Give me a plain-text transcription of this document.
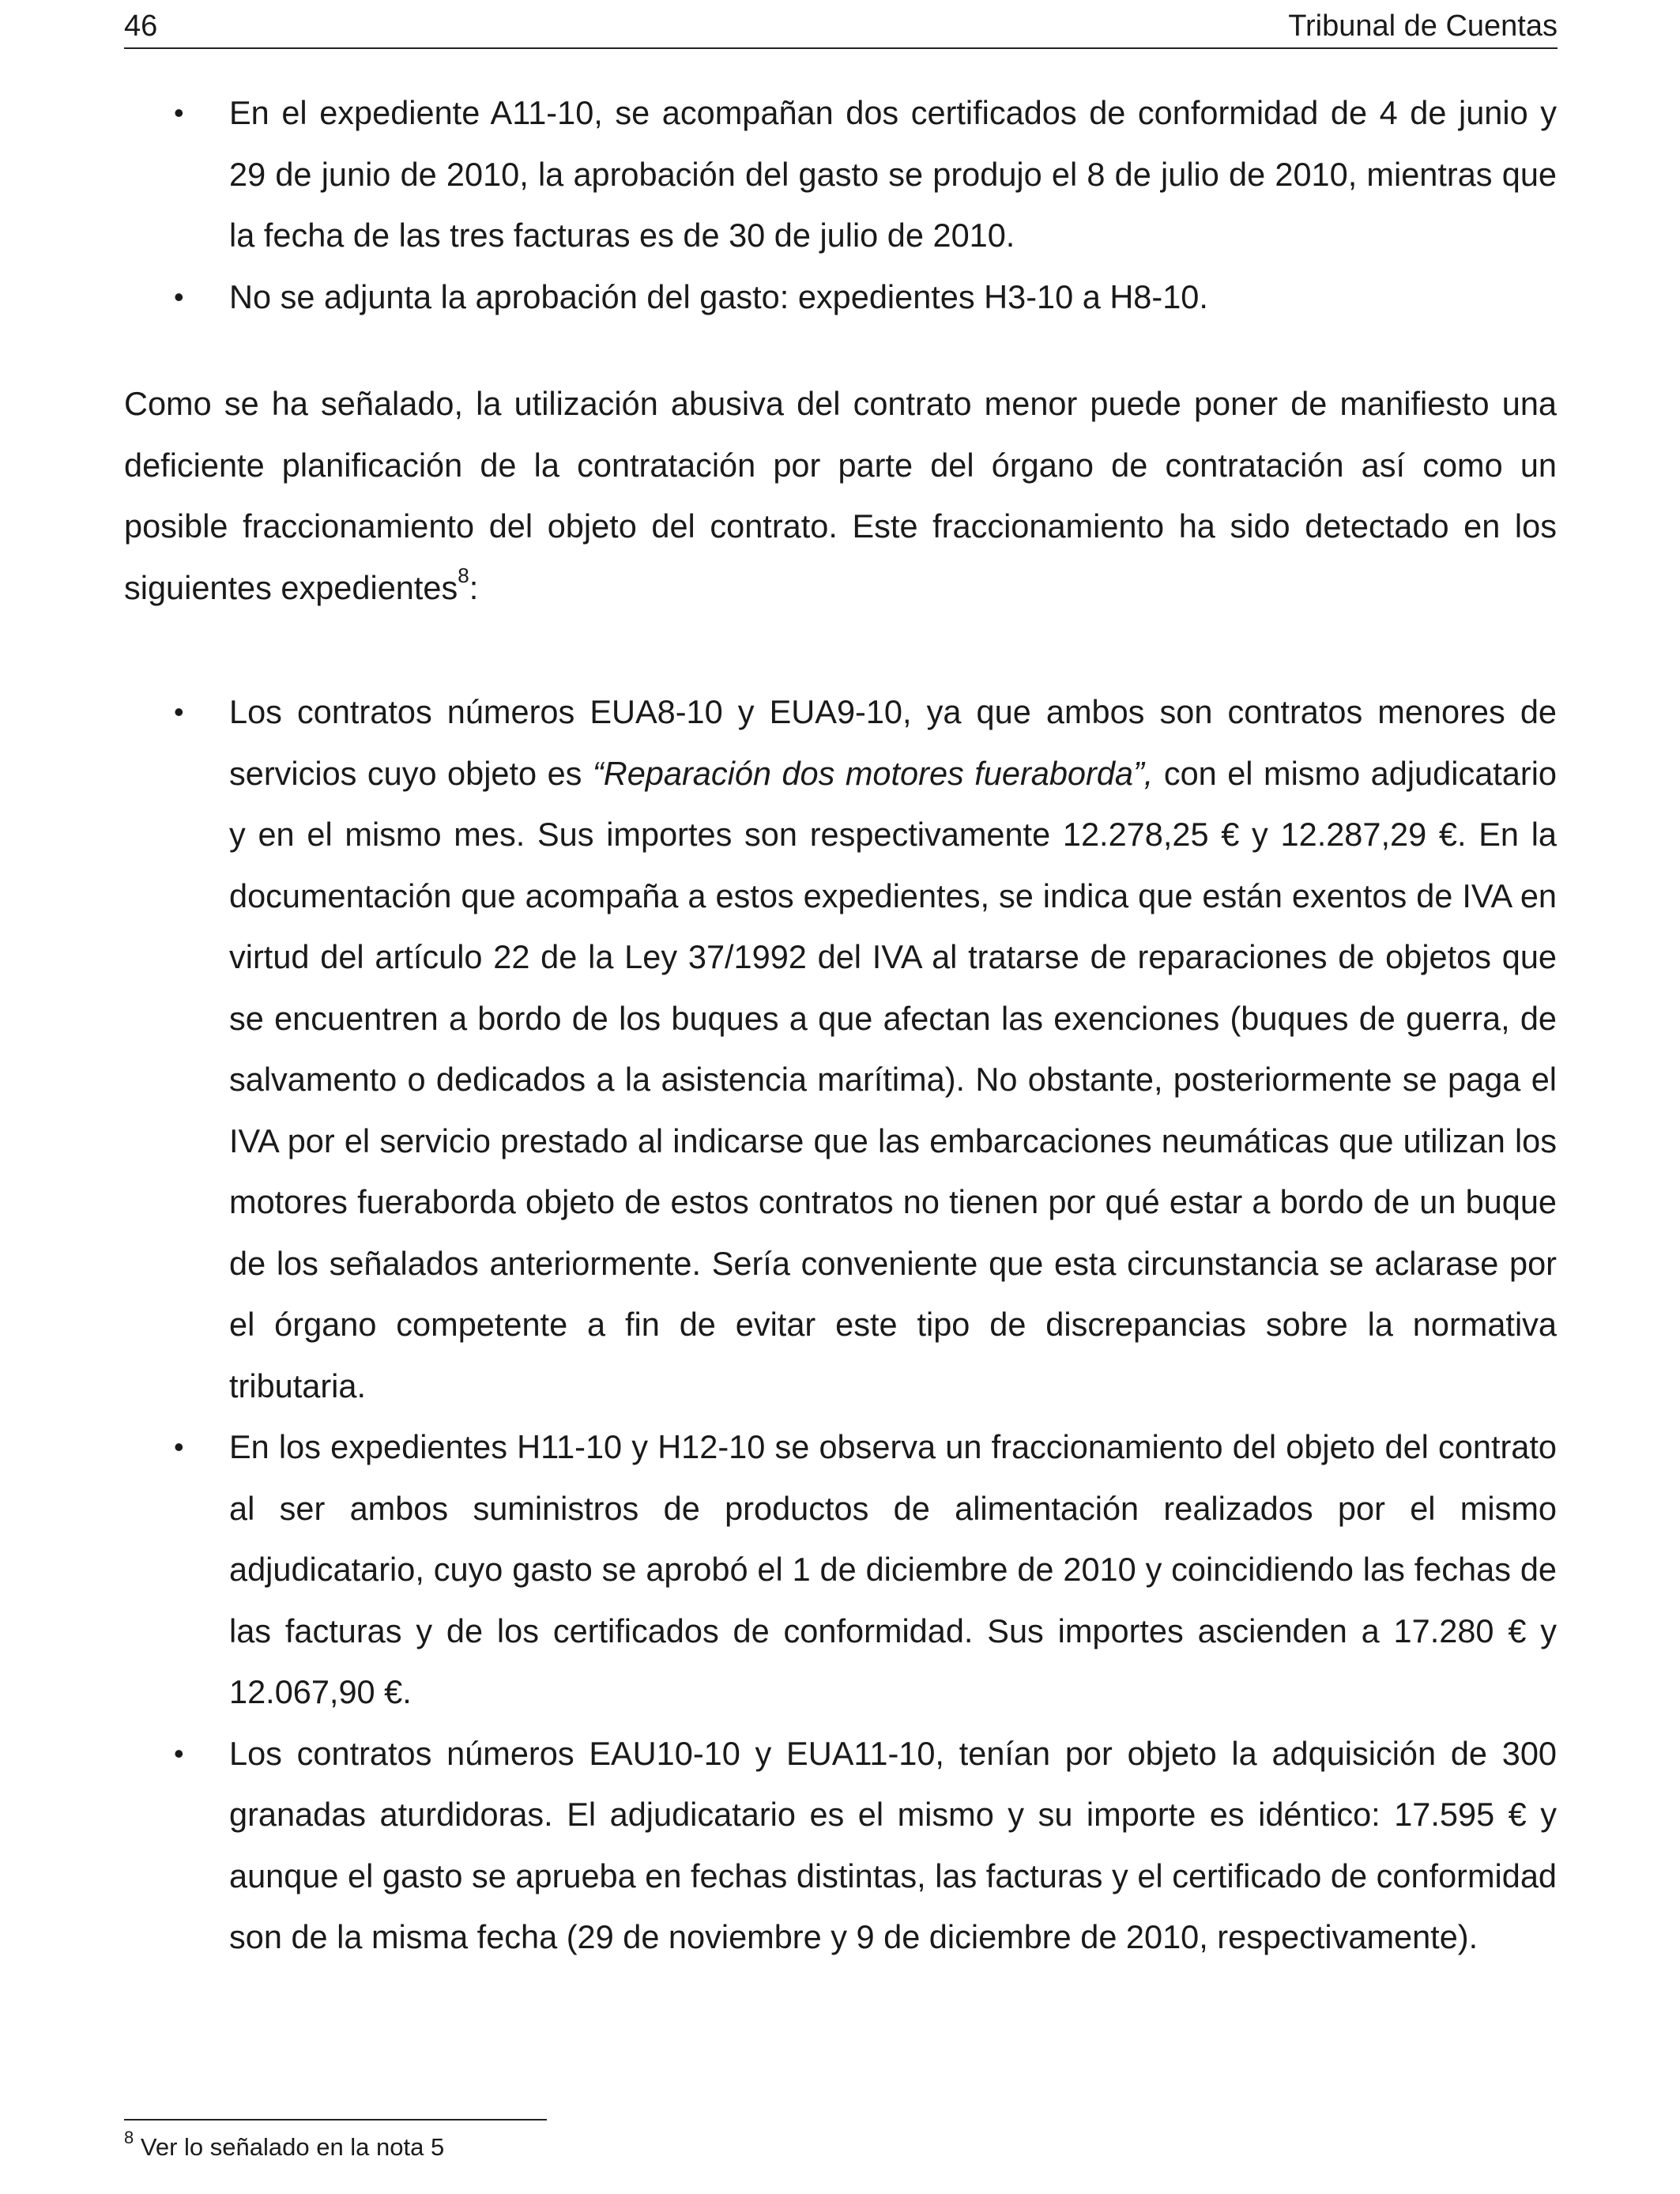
46	Tribunal de Cuentas
• En el expediente A11-10, se acompañan dos certificados de conformidad de 4 de junio y 29 de junio de 2010, la aprobación del gasto se produjo el 8 de julio de 2010, mientras que la fecha de las tres facturas es de 30 de julio de 2010.
• No se adjunta la aprobación del gasto: expedientes H3-10 a H8-10.

Como se ha señalado, la utilización abusiva del contrato menor puede poner de manifiesto una deficiente planificación de la contratación por parte del órgano de contratación así como un posible fraccionamiento del objeto del contrato. Este fraccionamiento ha sido detectado en los siguientes expedientes$^8$:

• Los contratos números EUA8-10 y EUA9-10, ya que ambos son contratos menores de servicios cuyo objeto es “Reparación dos motores fueraborda”, con el mismo adjudicatario y en el mismo mes. Sus importes son respectivamente 12.278,25 € y 12.287,29 €. En la documentación que acompaña a estos expedientes, se indica que están exentos de IVA en virtud del artículo 22 de la Ley 37/1992 del IVA al tratarse de reparaciones de objetos que se encuentren a bordo de los buques a que afectan las exenciones (buques de guerra, de salvamento o dedicados a la asistencia marítima). No obstante, posteriormente se paga el IVA por el servicio prestado al indicarse que las embarcaciones neumáticas que utilizan los motores fueraborda objeto de estos contratos no tienen por qué estar a bordo de un buque de los señalados anteriormente. Sería conveniente que esta circunstancia se aclarase por el órgano competente a fin de evitar este tipo de discrepancias sobre la normativa tributaria.
• En los expedientes H11-10 y H12-10 se observa un fraccionamiento del objeto del contrato al ser ambos suministros de productos de alimentación realizados por el mismo adjudicatario, cuyo gasto se aprobó el 1 de diciembre de 2010 y coincidiendo las fechas de las facturas y de los certificados de conformidad. Sus importes ascienden a 17.280 € y 12.067,90 €.
• Los contratos números EAU10-10 y EUA11-10, tenían por objeto la adquisición de 300 granadas aturdidoras. El adjudicatario es el mismo y su importe es idéntico: 17.595 € y aunque el gasto se aprueba en fechas distintas, las facturas y el certificado de conformidad son de la misma fecha (29 de noviembre y 9 de diciembre de 2010, respectivamente).
$^8$ Ver lo señalado en la nota 5
